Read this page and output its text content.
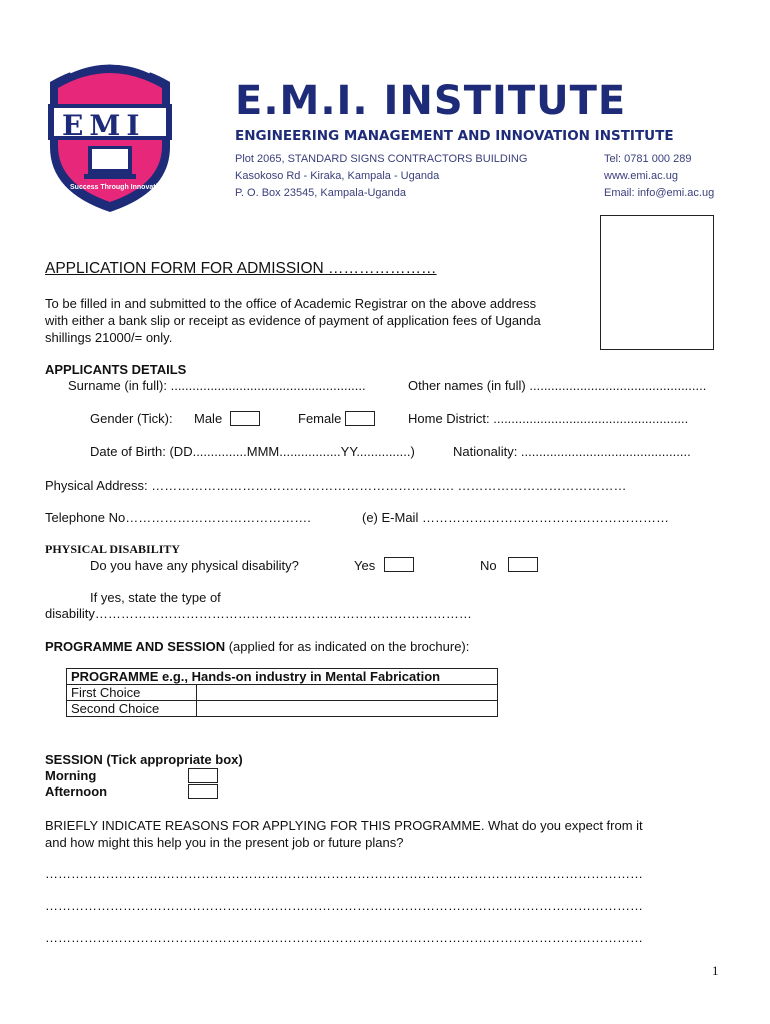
EMI
Success Through Innovation
E.M.I. INSTITUTE
ENGINEERING MANAGEMENT AND INNOVATION INSTITUTE
Plot 2065, STANDARD SIGNS CONTRACTORS BUILDING
Kasokoso Rd - Kiraka, Kampala - Uganda
P. O. Box 23545, Kampala-Uganda
Tel: 0781 000 289
www.emi.ac.ug
Email: info@emi.ac.ug
APPLICATION FORM FOR ADMISSION …………………
To be filled in and submitted to the office of Academic Registrar on the above address
with either a bank slip or receipt as evidence of payment of application fees of Uganda
shillings 21000/= only.
APPLICANTS DETAILS
Surname (in full): ......................................................	Other names (in full) .................................................
Gender (Tick): Male	Female	Home District: ......................................................
Date of Birth: (DD...............MMM.................YY...............)	Nationality: ...............................................
Physical Address: ……………………………………………………………. …………………………………
Telephone No…………………………………….	(e) E-Mail …………………………………………………
PHYSICAL DISABILITY
Do you have any physical disability?	Yes	No
If yes, state the type of
disability……………………………………………………………………………
PROGRAMME AND SESSION (applied for as indicated on the brochure):
PROGRAMME e.g., Hands-on industry in Mental Fabrication	
First Choice	
Second Choice	
SESSION (Tick appropriate box)
Morning
Afternoon
BRIEFLY INDICATE REASONS FOR APPLYING FOR THIS PROGRAMME. What do you expect from it
and how might this help you in the present job or future plans?
…………………………………………………………………………………………………………………………
…………………………………………………………………………………………………………………………
…………………………………………………………………………………………………………………………
1
